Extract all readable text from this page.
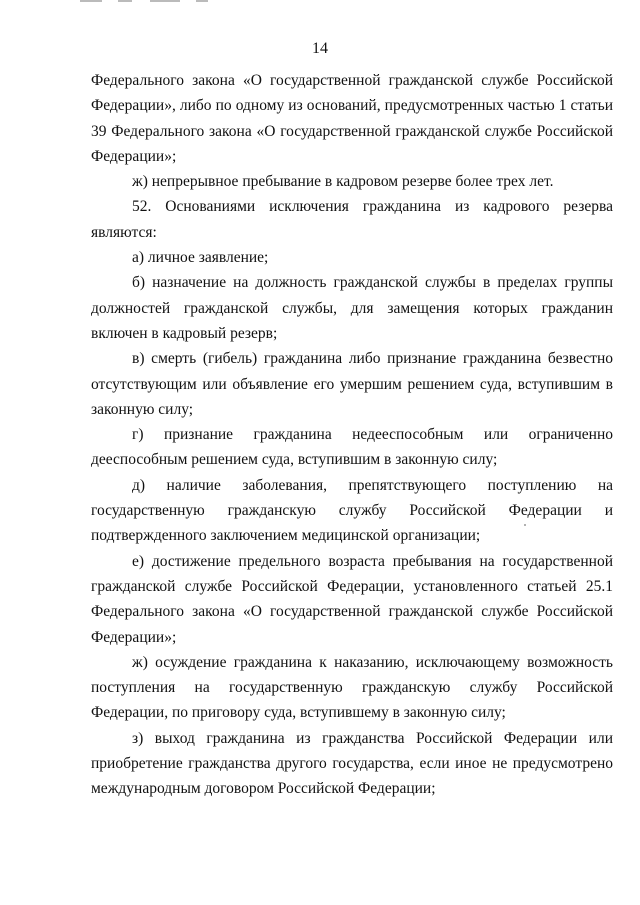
14

Федерального закона «О государственной гражданской службе Российской Федерации», либо по одному из оснований, предусмотренных частью 1 статьи 39 Федерального закона «О государственной гражданской службе Российской Федерации»;

ж) непрерывное пребывание в кадровом резерве более трех лет.

52. Основаниями исключения гражданина из кадрового резерва являются:

а) личное заявление;

б) назначение на должность гражданской службы в пределах группы должностей гражданской службы, для замещения которых гражданин включен в кадровый резерв;

в) смерть (гибель) гражданина либо признание гражданина безвестно отсутствующим или объявление его умершим решением суда, вступившим в законную силу;

г) признание гражданина недееспособным или ограниченно дееспособным решением суда, вступившим в законную силу;

д) наличие заболевания, препятствующего поступлению на государственную гражданскую службу Российской Федерации и подтвержденного заключением медицинской организации;

е) достижение предельного возраста пребывания на государственной гражданской службе Российской Федерации, установленного статьей 25.1 Федерального закона «О государственной гражданской службе Российской Федерации»;

ж) осуждение гражданина к наказанию, исключающему возможность поступления на государственную гражданскую службу Российской Федерации, по приговору суда, вступившему в законную силу;

з) выход гражданина из гражданства Российской Федерации или приобретение гражданства другого государства, если иное не предусмотрено международным договором Российской Федерации;
